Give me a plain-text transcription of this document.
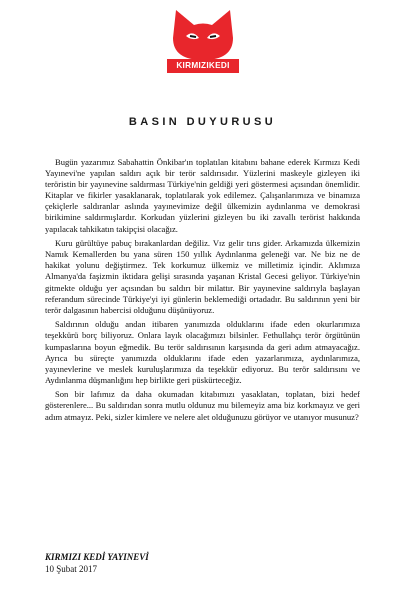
KIRMIZIKEDI
BASIN DUYURUSU

Bugün yazarımız Sabahattin Önkibar'ın toplatılan kitabını bahane ederek Kırmızı Kedi Yayınevi'ne yapılan saldırı açık bir terör saldırısıdır. Yüzlerini maskeyle gizleyen iki teröristin bir yayınevine saldırması Türkiye'nin geldiği yeri göstermesi açısından önemlidir. Kitaplar ve fikirler yasaklanarak, toplatılarak yok edilemez. Çalışanlarımıza ve binamıza çekiçlerle saldıranlar aslında yayınevimize değil ülkemizin aydınlanma ve demokrasi birikimine saldırmışlardır. Korkudan yüzlerini gizleyen bu iki zavallı terörist hakkında yapılacak tahkikatın takipçisi olacağız.

Kuru gürültüye pabuç bırakanlardan değiliz. Vız gelir tırıs gider. Arkamızda ülkemizin Namık Kemallerden bu yana süren 150 yıllık Aydınlanma geleneği var. Ne biz ne de hakikat yolunu değiştirmez. Tek korkumuz ülkemiz ve milletimiz içindir. Aklımıza Almanya'da faşizmin iktidara gelişi sırasında yaşanan Kristal Gecesi geliyor. Türkiye'nin gitmekte olduğu yer açısından bu saldırı bir milattır. Bir yayınevine saldırıyla başlayan referandum sürecinde Türkiye'yi iyi günlerin beklemediği ortadadır. Bu saldırının yeni bir terör dalgasının habercisi olduğunu düşünüyoruz.

Saldırının olduğu andan itibaren yanımızda olduklarını ifade eden okurlarımıza teşekkürü borç biliyoruz. Onlara layık olacağımızı bilsinler. Fethullahçı terör örgütünün kumpaslarına boyun eğmedik. Bu terör saldırısının karşısında da geri adım atmayacağız. Ayrıca bu süreçte yanımızda olduklarını ifade eden yazarlarımıza, aydınlarımıza, yayınevlerine ve meslek kuruluşlarımıza da teşekkür ediyoruz. Bu terör saldırısını ve Aydınlanma düşmanlığını hep birlikte geri püskürteceğiz.

Son bir lafımız da daha okumadan kitabımızı yasaklatan, toplatan, bizi hedef gösterenlere... Bu saldırıdan sonra mutlu oldunuz mu bilemeyiz ama biz korkmayız ve geri adım atmayız. Peki, sizler kimlere ve nelere alet olduğunuzu görüyor ve utanıyor musunuz?

KIRMIZI KEDİ YAYINEVİ
10 Şubat 2017
